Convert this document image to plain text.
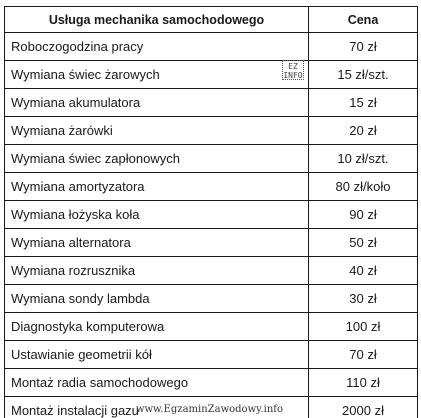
Usługa mechanika samochodowego	Cena
Roboczogodzina pracy	70 zł
Wymiana świec żarowych	15 zł/szt.
Wymiana akumulatora	15 zł
Wymiana żarówki	20 zł
Wymiana świec zapłonowych	10 zł/szt.
Wymiana amortyzatora	80 zł/koło
Wymiana łożyska koła	90 zł
Wymiana alternatora	50 zł
Wymiana rozrusznika	40 zł
Wymiana sondy lambda	30 zł
Diagnostyka komputerowa	100 zł
Ustawianie geometrii kół	70 zł
Montaż radia samochodowego	110 zł
Montaż instalacji gazu	2000 zł
EZ
INFO
www.EgzaminZawodowy.info
